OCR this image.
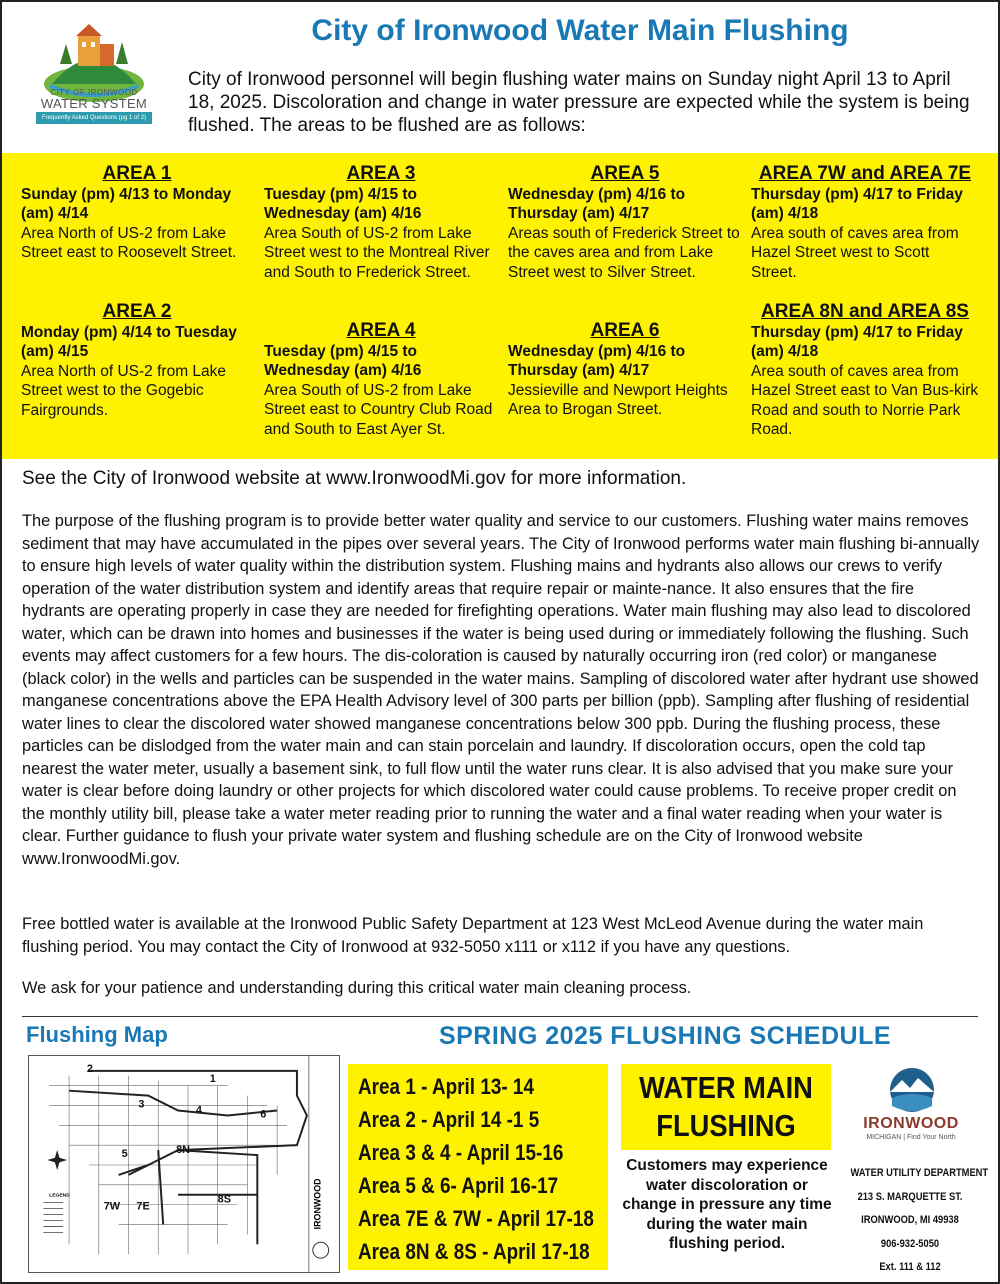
CITY OF IRONWOOD
WATER SYSTEM
Frequently Asked Questions (pg 1 of 2)
City of Ironwood Water Main Flushing
City of Ironwood personnel will begin flushing water mains on Sunday night April 13 to April 18, 2025. Discoloration and change in water pressure are expected while the system is being flushed. The areas to be flushed are as follows:
AREA 1
Sunday (pm) 4/13 to Monday (am) 4/14
Area North of US-2 from Lake Street east to Roosevelt Street.
AREA 2
Monday (pm) 4/14 to Tuesday (am) 4/15
Area North of US-2 from Lake Street west to the Gogebic Fairgrounds.
AREA 3
Tuesday (pm) 4/15 to Wednesday (am) 4/16
Area South of US-2 from Lake Street west to the Montreal River and South to Frederick Street.
AREA 4
Tuesday (pm) 4/15 to Wednesday (am) 4/16
Area South of US-2 from Lake Street east to Country Club Road and South to East Ayer St.
AREA 5
Wednesday (pm) 4/16 to Thursday (am) 4/17
Areas south of Frederick Street to the caves area and from Lake Street west to Silver Street.
AREA 6
Wednesday (pm) 4/16 to Thursday (am) 4/17
Jessieville and Newport Heights Area to Brogan Street.
AREA 7W and AREA 7E
Thursday (pm) 4/17 to Friday (am) 4/18
Area south of caves area from Hazel Street west to Scott Street.
AREA 8N and AREA 8S
Thursday (pm) 4/17 to Friday (am) 4/18
Area south of caves area from Hazel Street east to Van Bus-kirk Road and south to Norrie Park Road.
See the City of Ironwood website at www.IronwoodMi.gov for more information.
The purpose of the flushing program is to provide better water quality and service to our customers. Flushing water mains removes sediment that may have accumulated in the pipes over several years. The City of Ironwood performs water main flushing bi-annually to ensure high levels of water quality within the distribution system. Flushing mains and hydrants also allows our crews to verify operation of the water distribution system and identify areas that require repair or mainte-nance. It also ensures that the fire hydrants are operating properly in case they are needed for firefighting operations. Water main flushing may also lead to discolored water, which can be drawn into homes and businesses if the water is being used during or immediately following the flushing. Such events may affect customers for a few hours. The dis-coloration is caused by naturally occurring iron (red color) or manganese (black color) in the wells and particles can be suspended in the water mains. Sampling of discolored water after hydrant use showed manganese concentrations above the EPA Health Advisory level of 300 parts per billion (ppb). Sampling after flushing of residential water lines to clear the discolored water showed manganese concentrations below 300 ppb. During the flushing process, these particles can be dislodged from the water main and can stain porcelain and laundry. If discoloration occurs, open the cold tap nearest the water meter, usually a basement sink, to full flow until the water runs clear. It is also advised that you make sure your water is clear before doing laundry or other projects for which discolored water could cause problems. To receive proper credit on the monthly utility bill, please take a water meter reading prior to running the water and a final water reading when your water is clear. Further guidance to flush your private water system and flushing schedule are on the City of Ironwood website www.IronwoodMi.gov.
Free bottled water is available at the Ironwood Public Safety Department at 123 West McLeod Avenue during the water main flushing period. You may contact the City of Ironwood at 932-5050 x111 or x112 if you have any questions.
We ask for your patience and understanding during this critical water main cleaning process.
Flushing Map
2
1
3	4	6
5	8N
7W 7E
8S
LEGEND	IRONWOOD
SPRING 2025 FLUSHING SCHEDULE
Area 1 - April 13- 14
Area 2 - April 14 -1 5
Area 3 & 4 - April 15-16
Area 5 & 6- April 16-17
Area 7E & 7W - April 17-18
Area 8N & 8S - April 17-18
WATER MAIN
FLUSHING
Customers may experience water discoloration or change in pressure any time during the water main flushing period.
IRONWOOD
MICHIGAN | Find Your North
WATER UTILITY DEPARTMENT
213 S. MARQUETTE ST.
IRONWOOD, MI 49938
906-932-5050
Ext. 111 & 112
